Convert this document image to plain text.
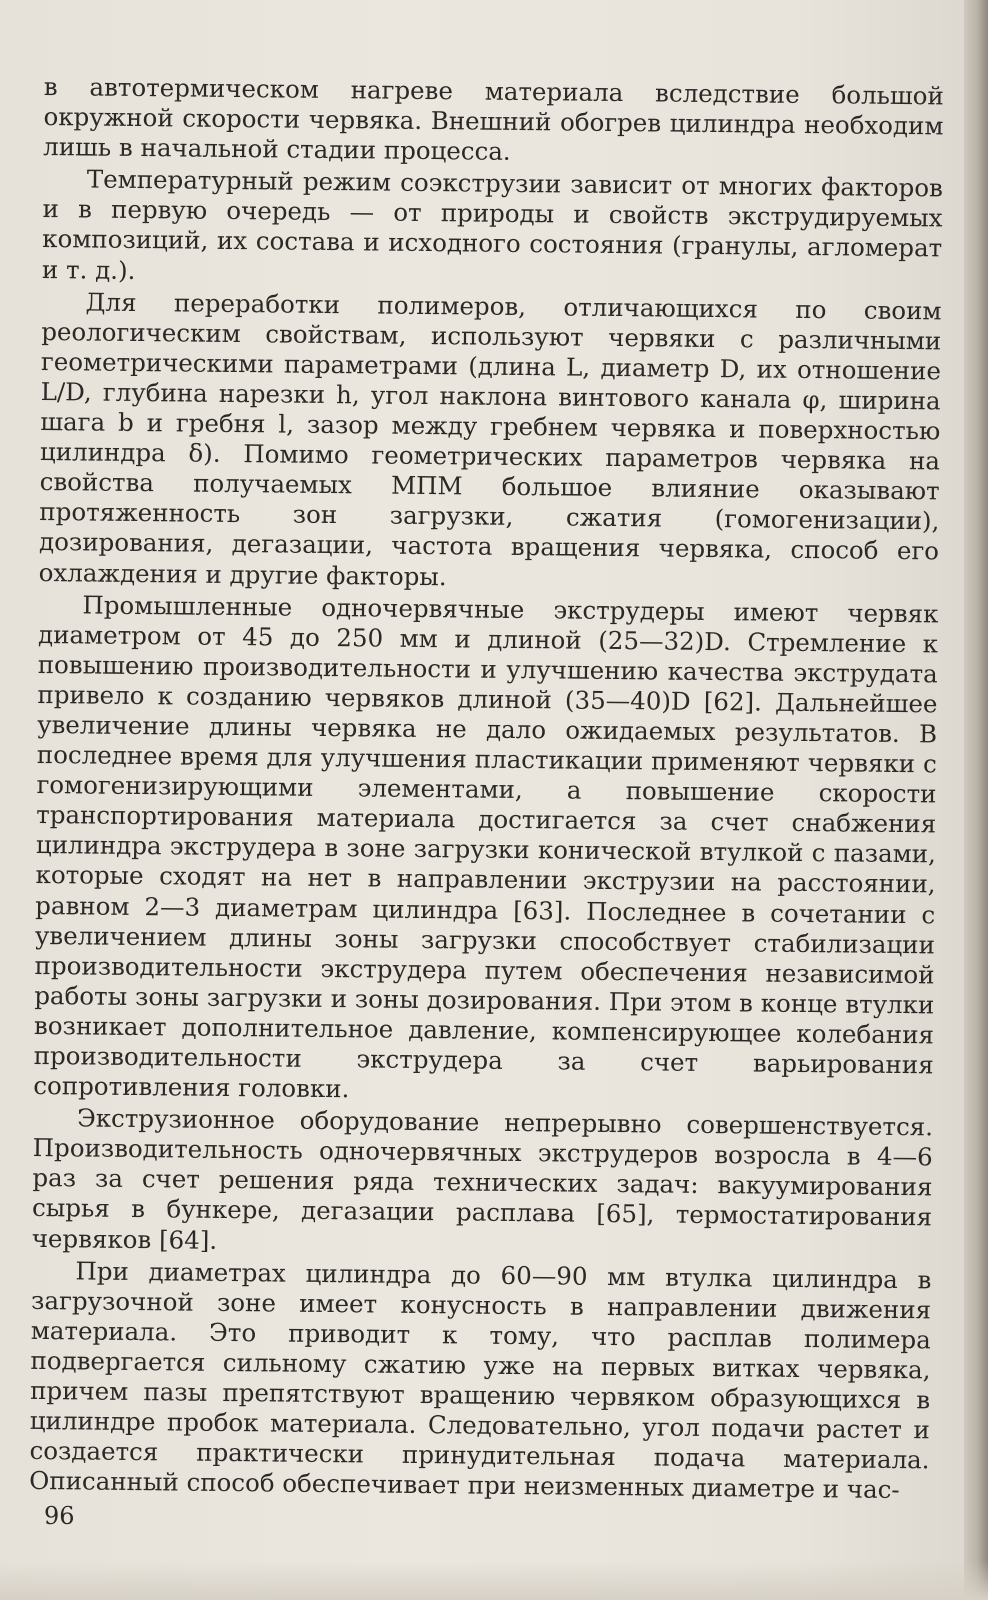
в автотермическом нагреве материала вследствие большой окружной скорости червяка. Внешний обогрев цилиндра необходим лишь в начальной стадии процесса.

Температурный режим соэкструзии зависит от многих факторов и в первую очередь — от природы и свойств экструдируемых композиций, их состава и исходного состояния (гранулы, агломерат и т. д.).

Для переработки полимеров, отличающихся по своим реологическим свойствам, используют червяки с различными геометрическими параметрами (длина L, диаметр D, их отношение L/D, глубина нарезки h, угол наклона винтового канала φ, ширина шага b и гребня l, зазор между гребнем червяка и поверхностью цилиндра δ). Помимо геометрических параметров червяка на свойства получаемых МПМ большое влияние оказывают протяженность зон загрузки, сжатия (гомогенизации), дозирования, дегазации, частота вращения червяка, способ его охлаждения и другие факторы.

Промышленные одночервячные экструдеры имеют червяк диаметром от 45 до 250 мм и длиной (25—32)D. Стремление к повышению производительности и улучшению качества экструдата привело к созданию червяков длиной (35—40)D [62]. Дальнейшее увеличение длины червяка не дало ожидаемых результатов. В последнее время для улучшения пластикации применяют червяки с гомогенизирующими элементами, а повышение скорости транспортирования материала достигается за счет снабжения цилиндра экструдера в зоне загрузки конической втулкой с пазами, которые сходят на нет в направлении экструзии на расстоянии, равном 2—3 диаметрам цилиндра [63]. Последнее в сочетании с увеличением длины зоны загрузки способствует стабилизации производительности экструдера путем обеспечения независимой работы зоны загрузки и зоны дозирования. При этом в конце втулки возникает дополнительное давление, компенсирующее колебания производительности экструдера за счет варьирования сопротивления головки.

Экструзионное оборудование непрерывно совершенствуется. Производительность одночервячных экструдеров возросла в 4—6 раз за счет решения ряда технических задач: вакуумирования сырья в бункере, дегазации расплава [65], термостатирования червяков [64].

При диаметрах цилиндра до 60—90 мм втулка цилиндра в загрузочной зоне имеет конусность в направлении движения материала. Это приводит к тому, что расплав полимера подвергается сильному сжатию уже на первых витках червяка, причем пазы препятствуют вращению червяком образующихся в цилиндре пробок материала. Следовательно, угол подачи растет и создается практически принудительная подача материала. Описанный способ обеспечивает при неизменных диаметре и час-

96
